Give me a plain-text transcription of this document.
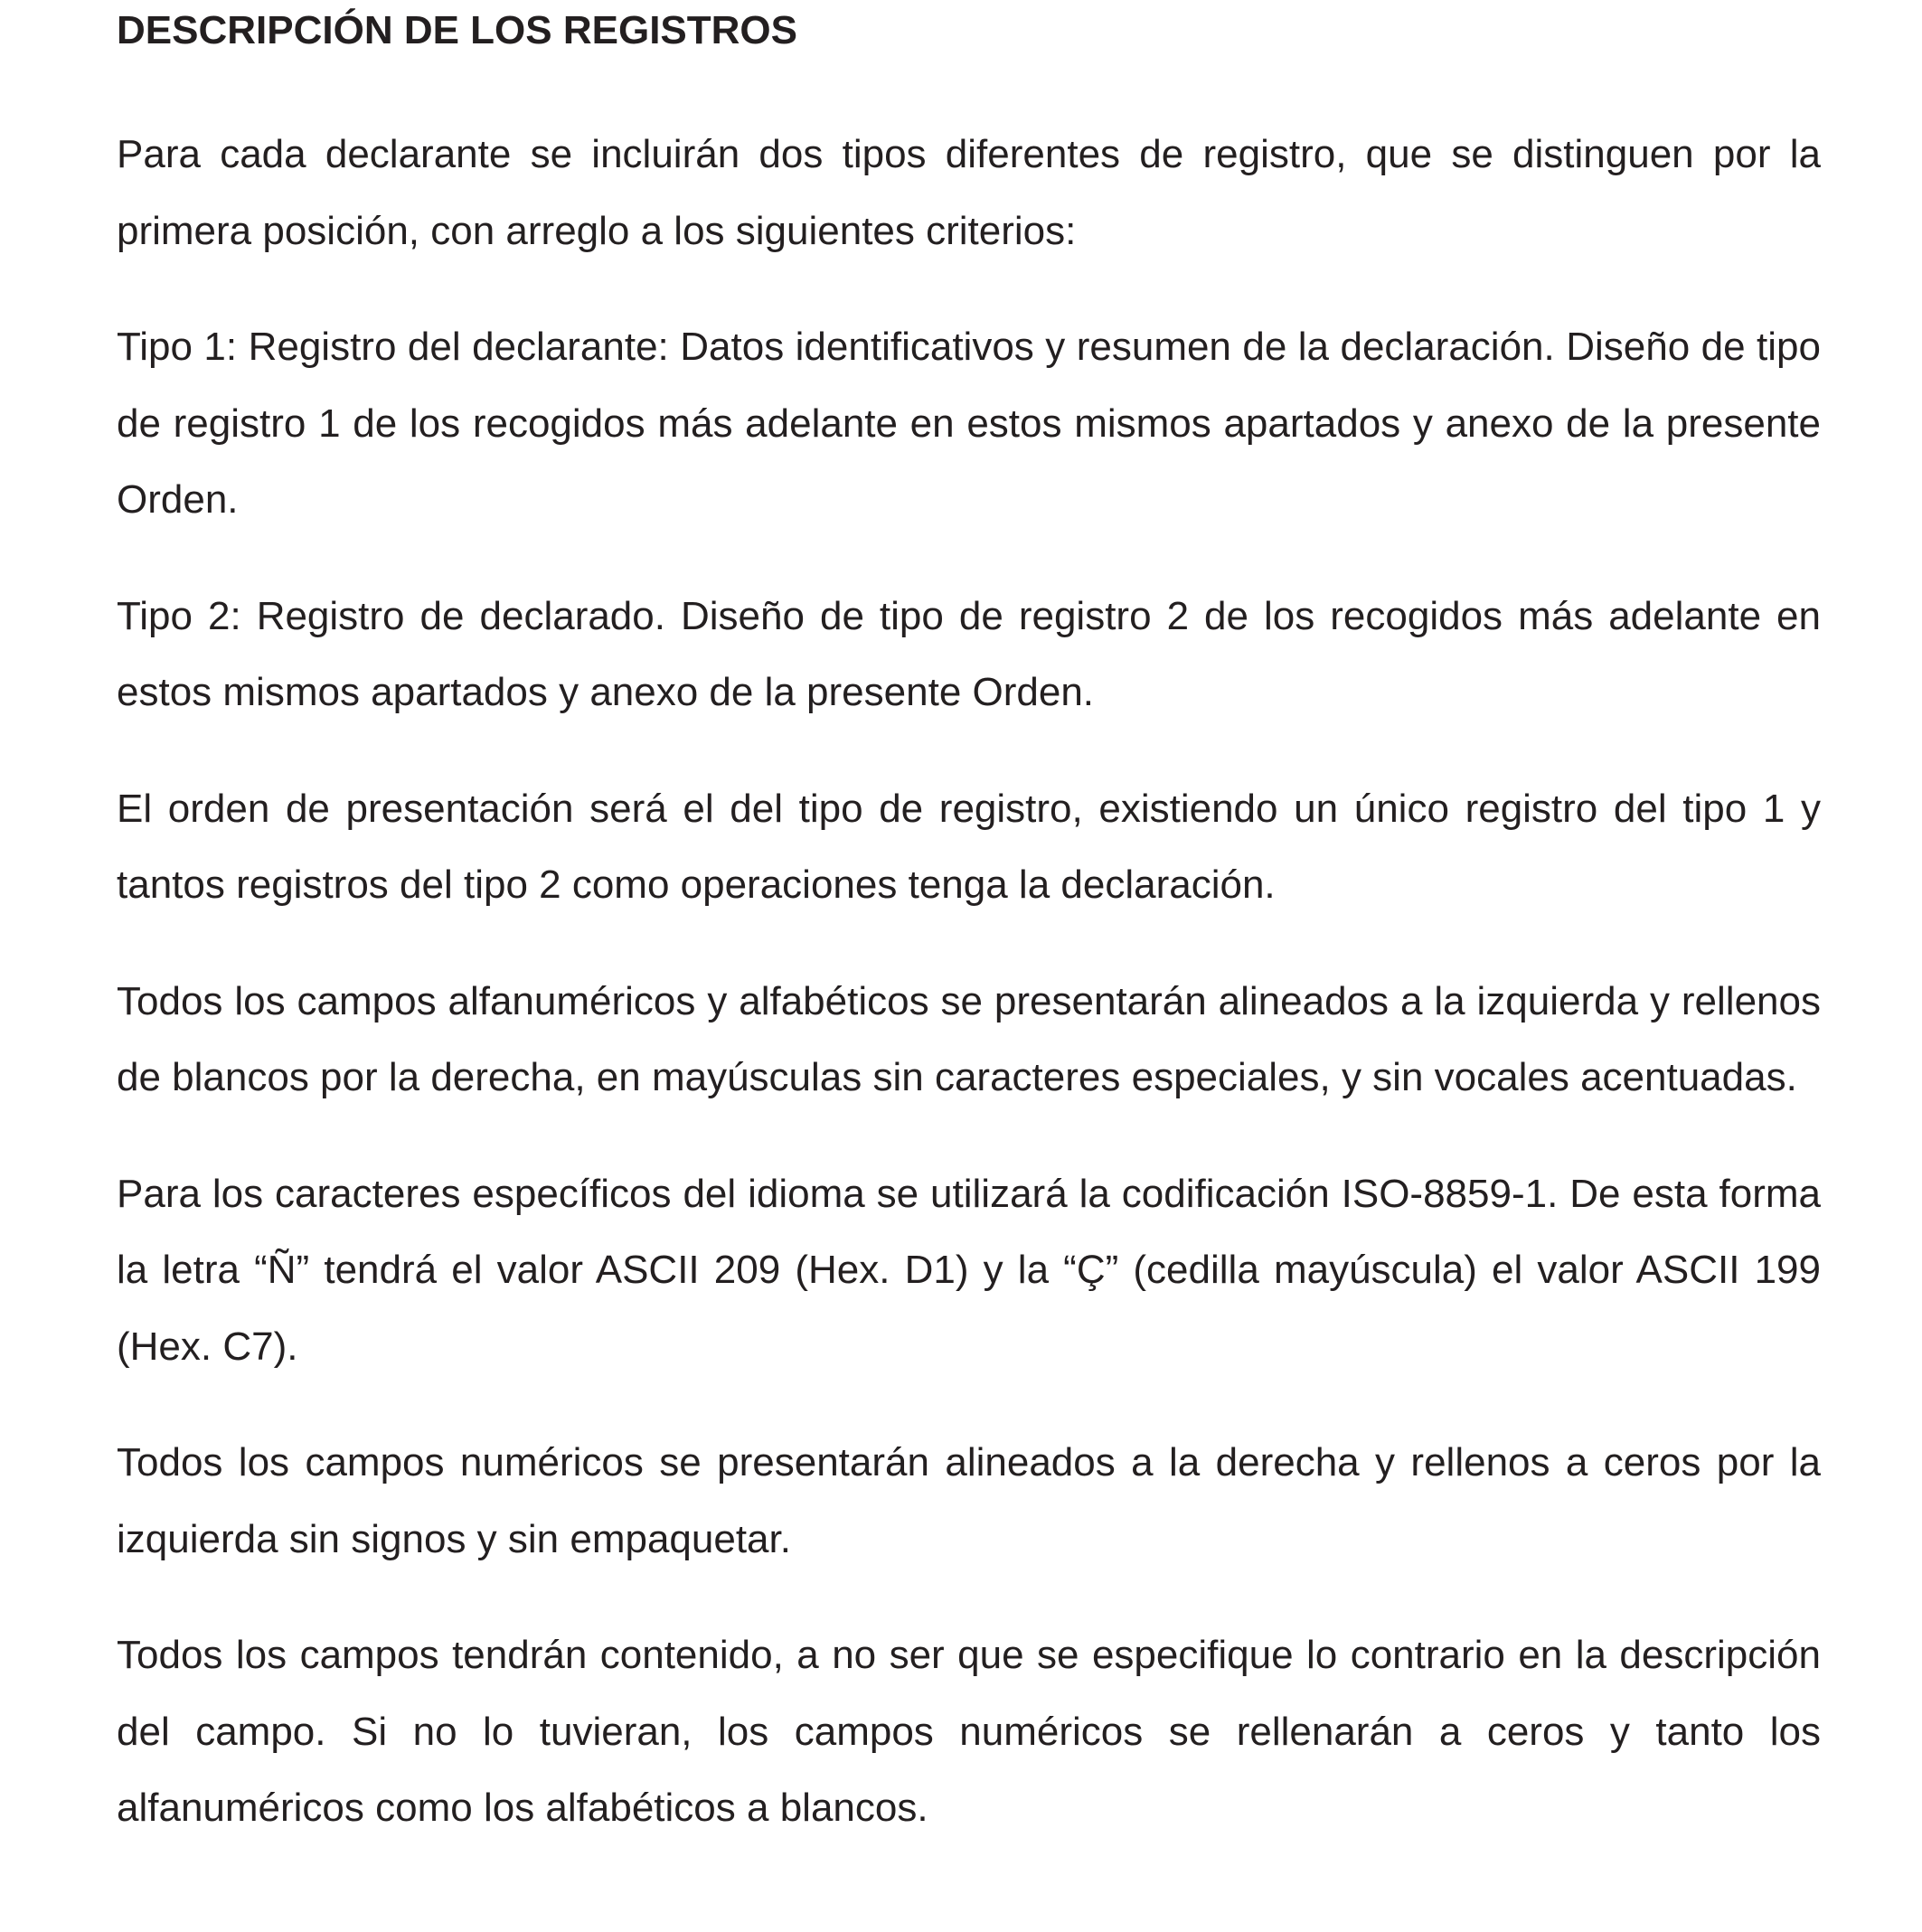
DESCRIPCIÓN DE LOS REGISTROS

Para cada declarante se incluirán dos tipos diferentes de registro, que se distinguen por la primera posición, con arreglo a los siguientes criterios:

Tipo 1: Registro del declarante: Datos identificativos y resumen de la declaración. Diseño de tipo de registro 1 de los recogidos más adelante en estos mismos apartados y anexo de la presente Orden.

Tipo 2: Registro de declarado. Diseño de tipo de registro 2 de los recogidos más adelante en estos mismos apartados y anexo de la presente Orden.

El orden de presentación será el del tipo de registro, existiendo un único registro del tipo 1 y tantos registros del tipo 2 como operaciones tenga la declaración.

Todos los campos alfanuméricos y alfabéticos se presentarán alineados a la izquierda y rellenos de blancos por la derecha, en mayúsculas sin caracteres especiales, y sin vocales acentuadas.

Para los caracteres específicos del idioma se utilizará la codificación ISO-8859-1. De esta forma la letra “Ñ” tendrá el valor ASCII 209 (Hex. D1) y la “Ç” (cedilla mayúscula) el valor ASCII 199 (Hex. C7).

Todos los campos numéricos se presentarán alineados a la derecha y rellenos a ceros por la izquierda sin signos y sin empaquetar.

Todos los campos tendrán contenido, a no ser que se especifique lo contrario en la descripción del campo. Si no lo tuvieran, los campos numéricos se rellenarán a ceros y tanto los alfanuméricos como los alfabéticos a blancos.
